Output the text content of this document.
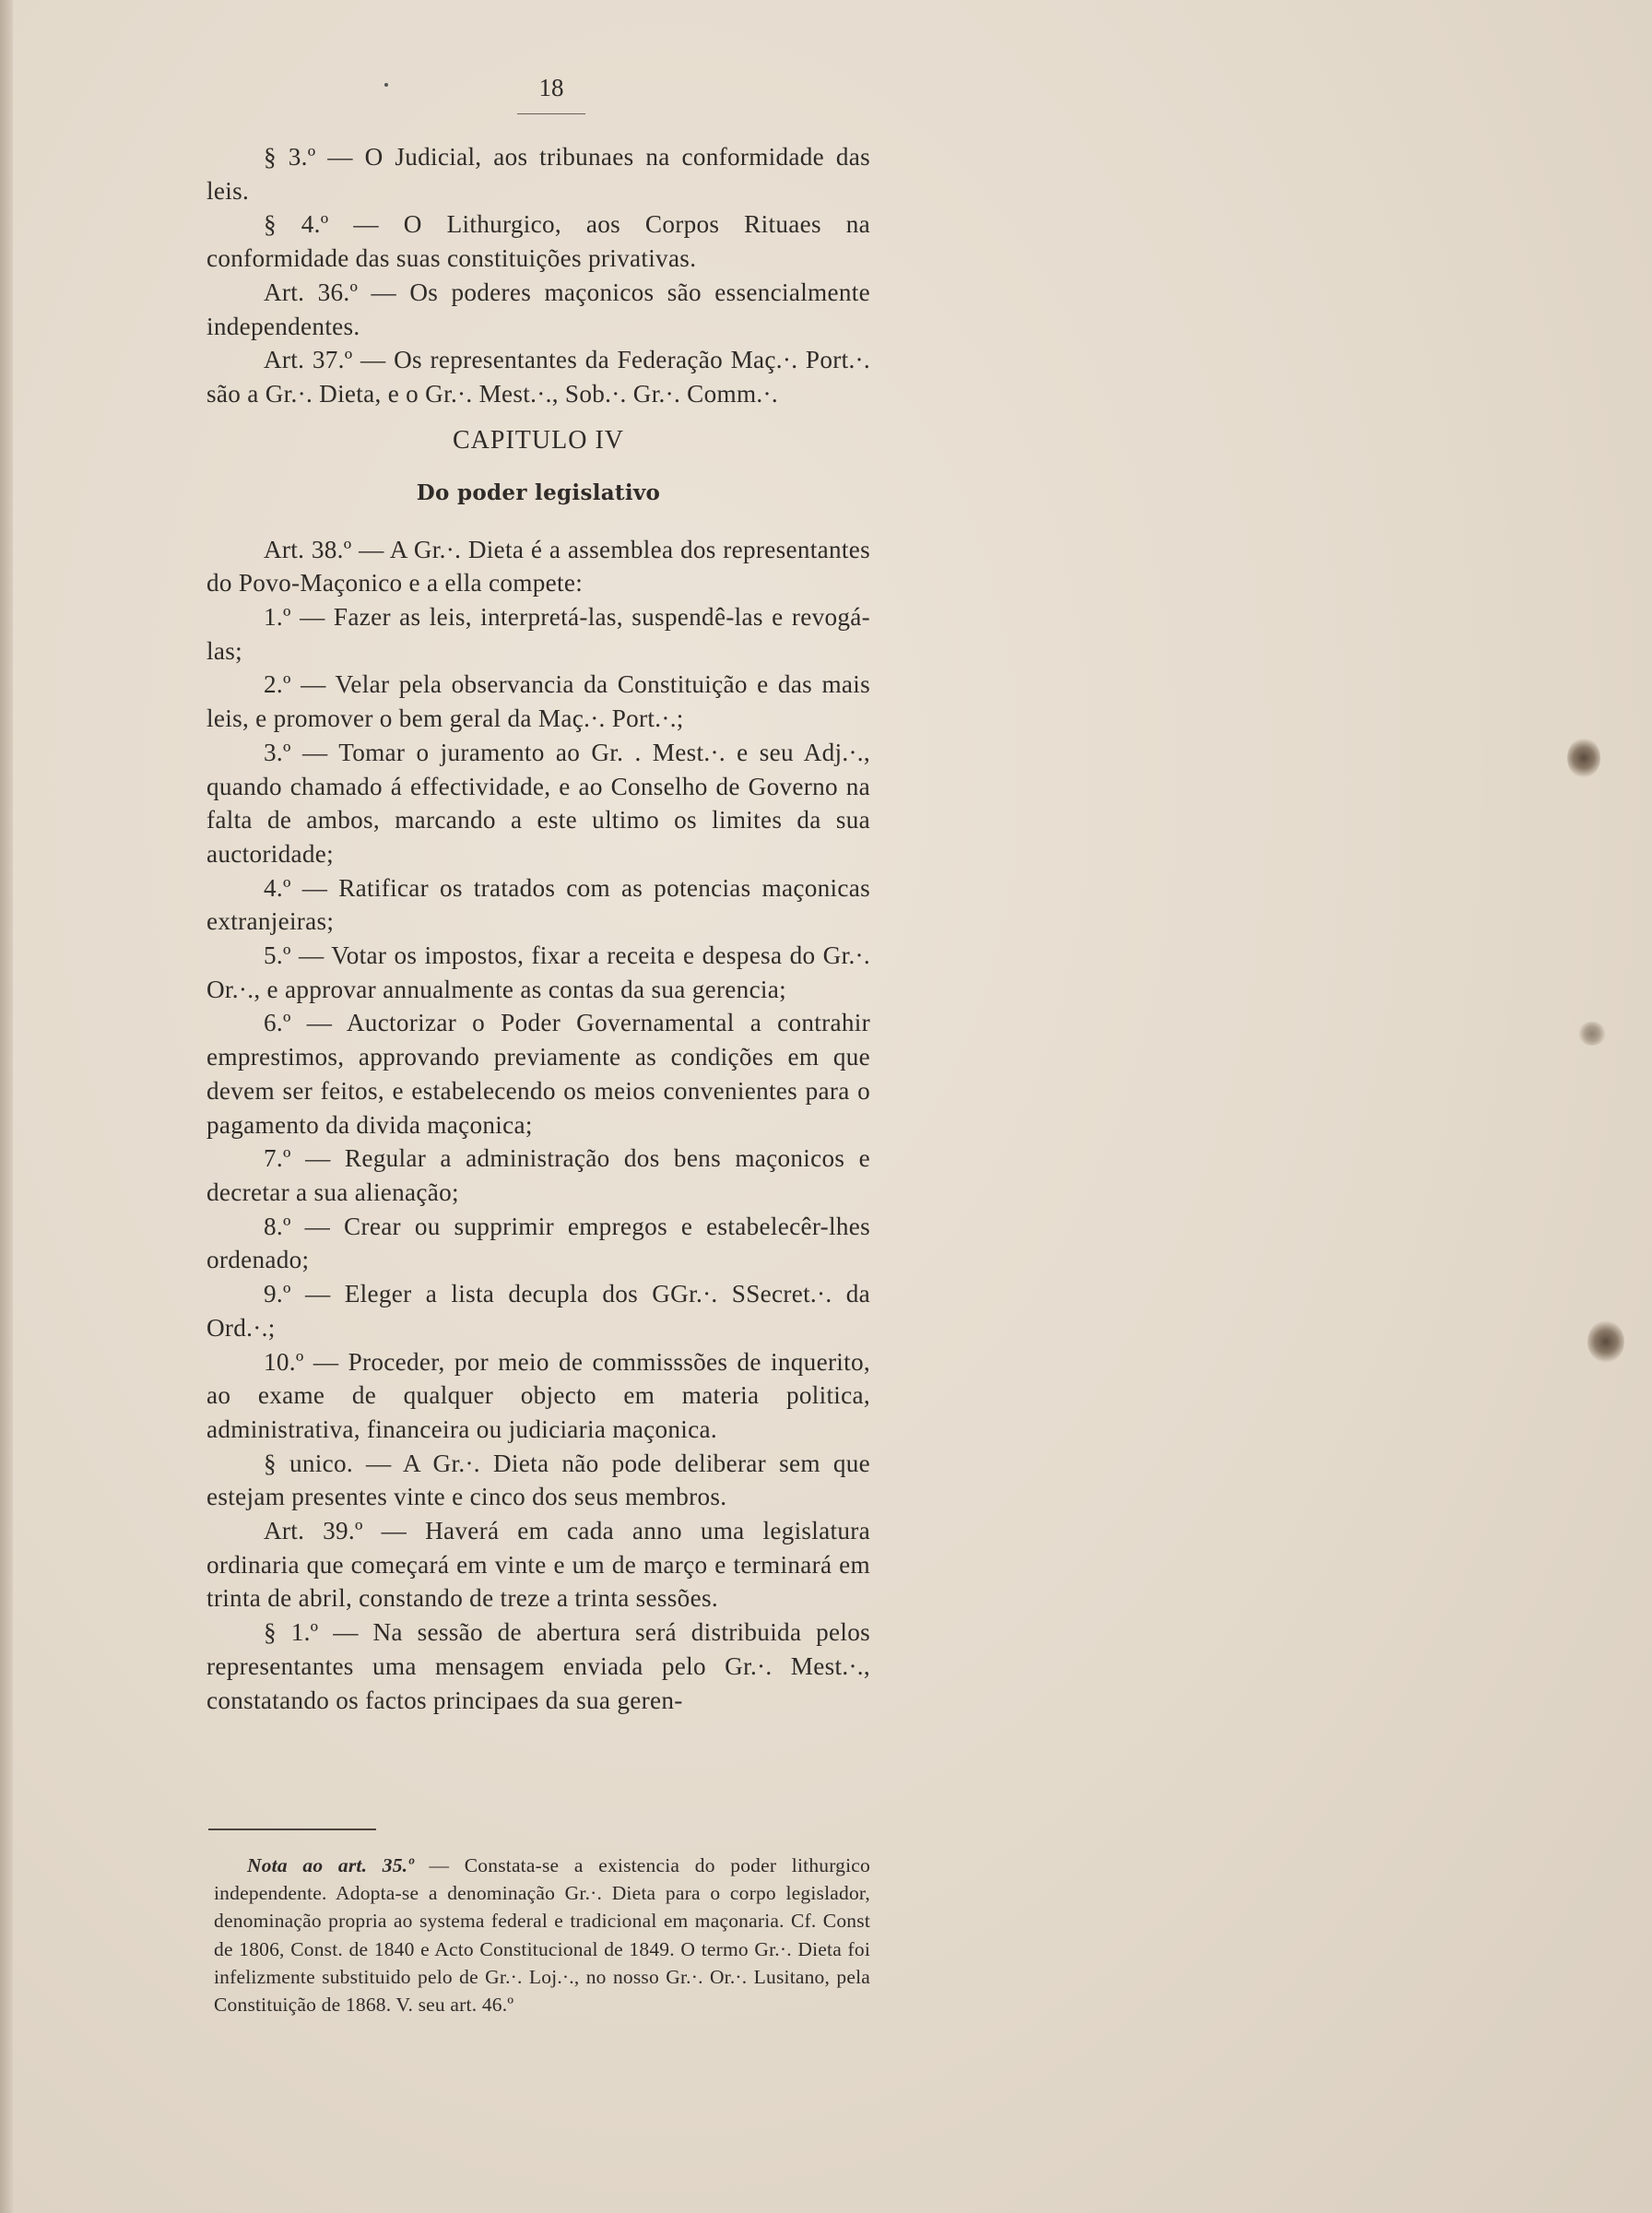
18

§ 3.º — O Judicial, aos tribunaes na conformidade das leis.

§ 4.º — O Lithurgico, aos Corpos Rituaes na conformidade das suas constituições privativas.

Art. 36.º — Os poderes maçonicos são essencialmente independentes.

Art. 37.º — Os representantes da Federação Maç.·. Port.·. são a Gr.·. Dieta, e o Gr.·. Mest.·., Sob.·. Gr.·. Comm.·.

CAPITULO IV
Do poder legislativo

Art. 38.º — A Gr.·. Dieta é a assemblea dos representantes do Povo-Maçonico e a ella compete:

1.º — Fazer as leis, interpretá-las, suspendê-las e revogá-las;

2.º — Velar pela observancia da Constituição e das mais leis, e promover o bem geral da Maç.·. Port.·.;

3.º — Tomar o juramento ao Gr. . Mest.·. e seu Adj.·., quando chamado á effectividade, e ao Conselho de Governo na falta de ambos, marcando a este ultimo os limites da sua auctoridade;

4.º — Ratificar os tratados com as potencias maçonicas extranjeiras;

5.º — Votar os impostos, fixar a receita e despesa do Gr.·. Or.·., e approvar annualmente as contas da sua gerencia;

6.º — Auctorizar o Poder Governamental a contrahir emprestimos, approvando previamente as condições em que devem ser feitos, e estabelecendo os meios convenientes para o pagamento da divida maçonica;

7.º — Regular a administração dos bens maçonicos e decretar a sua alienação;

8.º — Crear ou supprimir empregos e estabelecêr-lhes ordenado;

9.º — Eleger a lista decupla dos GGr.·. SSecret.·. da Ord.·.;

10.º — Proceder, por meio de commisssões de inquerito, ao exame de qualquer objecto em materia politica, administrativa, financeira ou judiciaria maçonica.

§ unico. — A Gr.·. Dieta não pode deliberar sem que estejam presentes vinte e cinco dos seus membros.

Art. 39.º — Haverá em cada anno uma legislatura ordinaria que começará em vinte e um de março e terminará em trinta de abril, constando de treze a trinta sessões.

§ 1.º — Na sessão de abertura será distribuida pelos representantes uma mensagem enviada pelo Gr.·. Mest.·., constatando os factos principaes da sua geren-

Nota ao art. 35.º — Constata-se a existencia do poder lithurgico independente. Adopta-se a denominação Gr.·. Dieta para o corpo legislador, denominação propria ao systema federal e tradicional em maçonaria. Cf. Const de 1806, Const. de 1840 e Acto Constitucional de 1849. O termo Gr.·. Dieta foi infelizmente substituido pelo de Gr.·. Loj.·., no nosso Gr.·. Or.·. Lusitano, pela Constituição de 1868. V. seu art. 46.º
